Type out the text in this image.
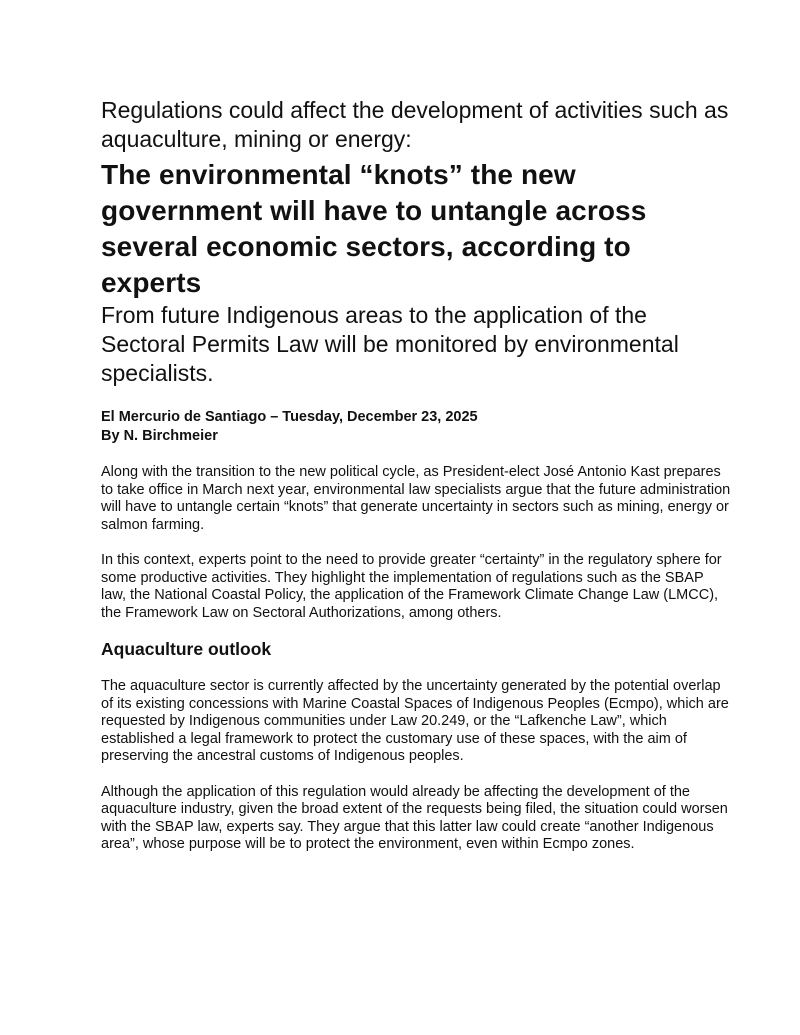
Regulations could affect the development of activities such as aquaculture, mining or energy:

The environmental “knots” the new government will have to untangle across several economic sectors, according to experts

From future Indigenous areas to the application of the Sectoral Permits Law will be monitored by environmental specialists.

El Mercurio de Santiago – Tuesday, December 23, 2025
By N. Birchmeier

Along with the transition to the new political cycle, as President-elect José Antonio Kast prepares to take office in March next year, environmental law specialists argue that the future administration will have to untangle certain “knots” that generate uncertainty in sectors such as mining, energy or salmon farming.

In this context, experts point to the need to provide greater “certainty” in the regulatory sphere for some productive activities. They highlight the implementation of regulations such as the SBAP law, the National Coastal Policy, the application of the Framework Climate Change Law (LMCC), the Framework Law on Sectoral Authorizations, among others.

Aquaculture outlook

The aquaculture sector is currently affected by the uncertainty generated by the potential overlap of its existing concessions with Marine Coastal Spaces of Indigenous Peoples (Ecmpo), which are requested by Indigenous communities under Law 20.249, or the “Lafkenche Law”, which established a legal framework to protect the customary use of these spaces, with the aim of preserving the ancestral customs of Indigenous peoples.

Although the application of this regulation would already be affecting the development of the aquaculture industry, given the broad extent of the requests being filed, the situation could worsen with the SBAP law, experts say. They argue that this latter law could create “another Indigenous area”, whose purpose will be to protect the environment, even within Ecmpo zones.
